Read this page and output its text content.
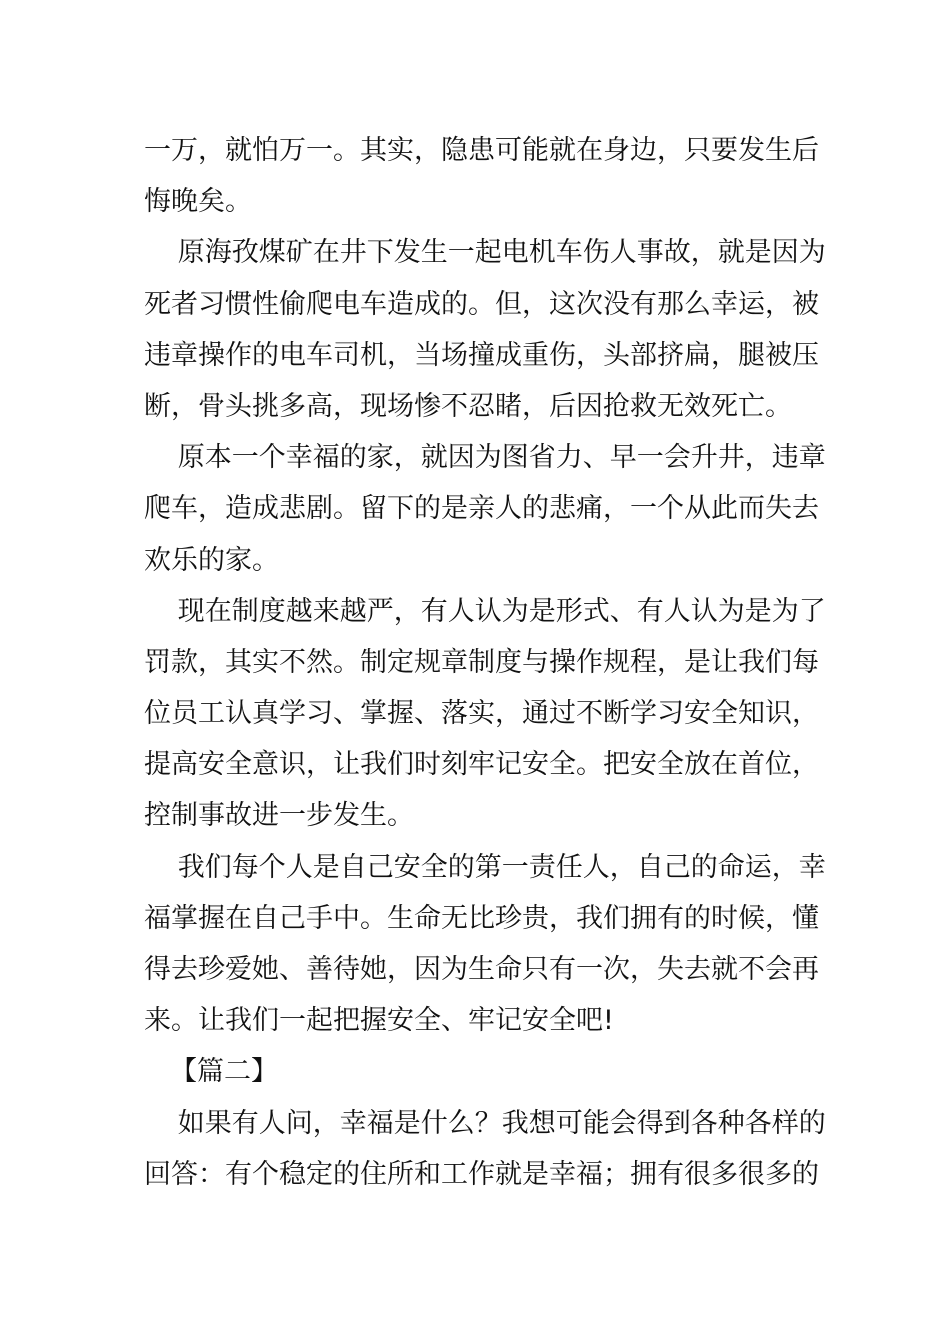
一万，就怕万一。其实，隐患可能就在身边，只要发生后
悔晚矣。
原海孜煤矿在井下发生一起电机车伤人事故，就是因为
死者习惯性偷爬电车造成的。但，这次没有那么幸运，被
违章操作的电车司机，当场撞成重伤，头部挤扁，腿被压
断，骨头挑多高，现场惨不忍睹，后因抢救无效死亡。
原本一个幸福的家，就因为图省力、早一会升井，违章
爬车，造成悲剧。留下的是亲人的悲痛，一个从此而失去
欢乐的家。
现在制度越来越严，有人认为是形式、有人认为是为了
罚款，其实不然。制定规章制度与操作规程，是让我们每
位员工认真学习、掌握、落实，通过不断学习安全知识，
提高安全意识，让我们时刻牢记安全。把安全放在首位，
控制事故进一步发生。
我们每个人是自己安全的第一责任人，自己的命运，幸
福掌握在自己手中。生命无比珍贵，我们拥有的时候，懂
得去珍爱她、善待她，因为生命只有一次，失去就不会再
来。让我们一起把握安全、牢记安全吧!
【篇二】
如果有人问，幸福是什么？我想可能会得到各种各样的
回答：有个稳定的住所和工作就是幸福；拥有很多很多的
